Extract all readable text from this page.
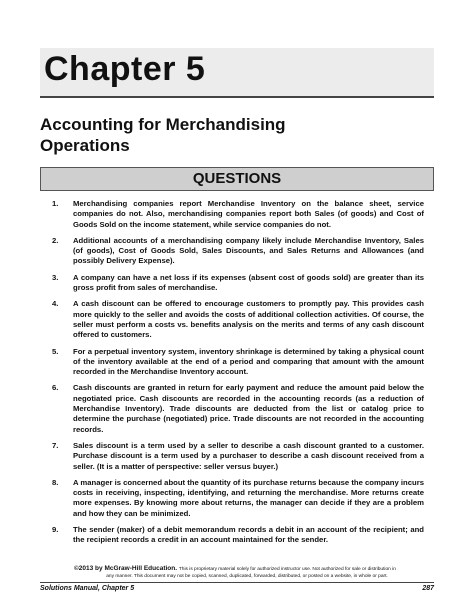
Chapter 5
Accounting for Merchandising
Operations
QUESTIONS
1. Merchandising companies report Merchandise Inventory on the balance sheet, service companies do not. Also, merchandising companies report both Sales (of goods) and Cost of Goods Sold on the income statement, while service companies do not.
2. Additional accounts of a merchandising company likely include Merchandise Inventory, Sales (of goods), Cost of Goods Sold, Sales Discounts, and Sales Returns and Allowances (and possibly Delivery Expense).
3. A company can have a net loss if its expenses (absent cost of goods sold) are greater than its gross profit from sales of merchandise.
4. A cash discount can be offered to encourage customers to promptly pay. This provides cash more quickly to the seller and avoids the costs of additional collection activities. Of course, the seller must perform a costs vs. benefits analysis on the merits and terms of any cash discount offered to customers.
5. For a perpetual inventory system, inventory shrinkage is determined by taking a physical count of the inventory available at the end of a period and comparing that amount with the amount recorded in the Merchandise Inventory account.
6. Cash discounts are granted in return for early payment and reduce the amount paid below the negotiated price. Cash discounts are recorded in the accounting records (as a reduction of Merchandise Inventory). Trade discounts are deducted from the list or catalog price to determine the purchase (negotiated) price. Trade discounts are not recorded in the accounting records.
7. Sales discount is a term used by a seller to describe a cash discount granted to a customer. Purchase discount is a term used by a purchaser to describe a cash discount received from a seller. (It is a matter of perspective: seller versus buyer.)
8. A manager is concerned about the quantity of its purchase returns because the company incurs costs in receiving, inspecting, identifying, and returning the merchandise. More returns create more expenses. By knowing more about returns, the manager can decide if they are a problem and how they can be minimized.
9. The sender (maker) of a debit memorandum records a debit in an account of the recipient; and the recipient records a credit in an account maintained for the sender.
©2013 by McGraw-Hill Education. This is proprietary material solely for authorized instructor use. Not authorized for sale or distribution in
any manner. This document may not be copied, scanned, duplicated, forwarded, distributed, or posted on a website, in whole or part.
Solutions Manual, Chapter 5	287
